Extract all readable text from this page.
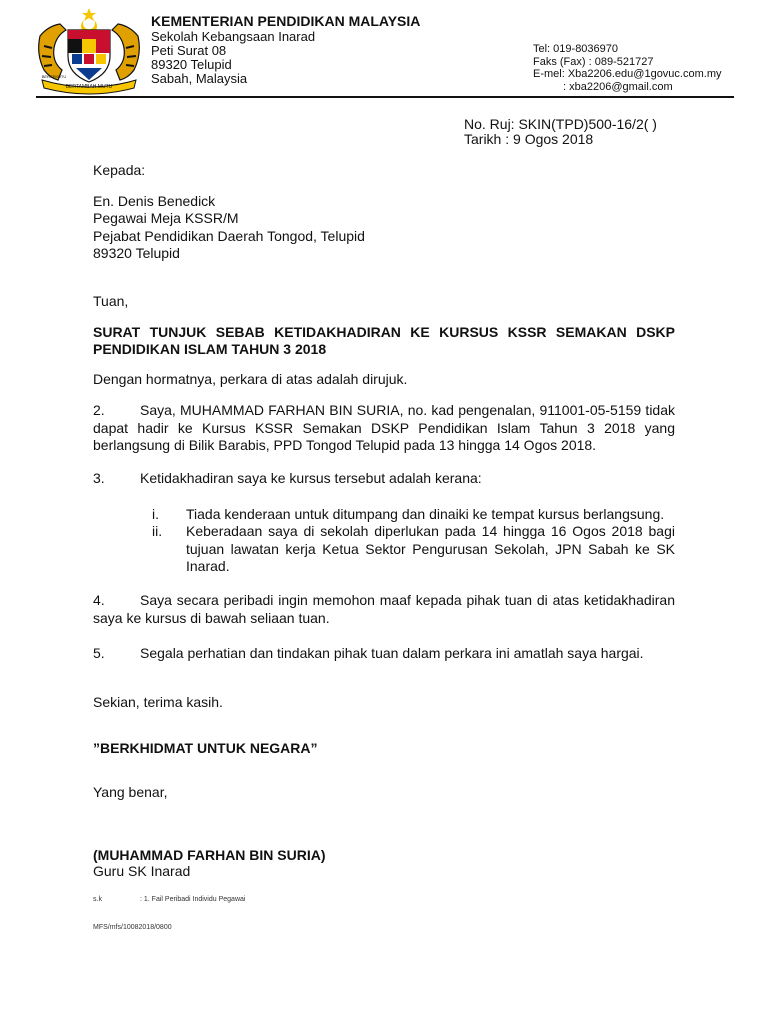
BERTAMBAH MUTU
BERSEKUTU
KEMENTERIAN PENDIDIKAN MALAYSIA
Sekolah Kebangsaan Inarad
Peti Surat 08
89320 Telupid
Sabah, Malaysia
Tel: 019-8036970
Faks (Fax) : 089-521727
E-mel: Xba2206.edu@1govuc.com.my
: xba2206@gmail.com
No. Ruj: SKIN(TPD)500-16/2( )
Tarikh : 9 Ogos 2018
Kepada:
En. Denis Benedick
Pegawai Meja KSSR/M
Pejabat Pendidikan Daerah Tongod, Telupid
89320 Telupid
Tuan,
SURAT TUNJUK SEBAB KETIDAKHADIRAN KE KURSUS KSSR SEMAKAN DSKP PENDIDIKAN ISLAM TAHUN 3 2018
Dengan hormatnya, perkara di atas adalah dirujuk.
2.	Saya, MUHAMMAD FARHAN BIN SURIA, no. kad pengenalan, 911001-05-5159 tidak dapat hadir ke Kursus KSSR Semakan DSKP Pendidikan Islam Tahun 3 2018 yang berlangsung di Bilik Barabis, PPD Tongod Telupid pada 13 hingga 14 Ogos 2018.
3.	Ketidakhadiran saya ke kursus tersebut adalah kerana:
i.	Tiada kenderaan untuk ditumpang dan dinaiki ke tempat kursus berlangsung.
ii.	Keberadaan saya di sekolah diperlukan pada 14 hingga 16 Ogos 2018 bagi tujuan lawatan kerja Ketua Sektor Pengurusan Sekolah, JPN Sabah ke SK Inarad.
4.	Saya secara peribadi ingin memohon maaf kepada pihak tuan di atas ketidakhadiran saya ke kursus di bawah seliaan tuan.
5.	Segala perhatian dan tindakan pihak tuan dalam perkara ini amatlah saya hargai.
Sekian, terima kasih.
”BERKHIDMAT UNTUK NEGARA”
Yang benar,
(MUHAMMAD FARHAN BIN SURIA)
Guru SK Inarad
s.k	: 1. Fail Peribadi Individu Pegawai
MFS/mfs/10082018/0800
